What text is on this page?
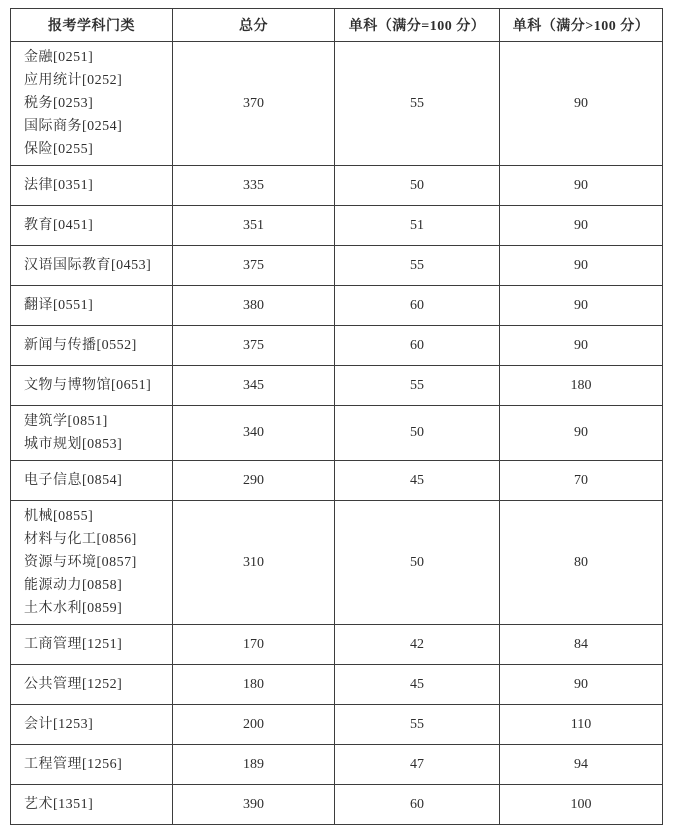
报考学科门类	总分	单科（满分=100 分）	单科（满分>100 分）

金融[0251]
应用统计[0252]
税务[0253]
国际商务[0254]
保险[0255]	370	55	90

法律[0351]	335	50	90

教育[0451]	351	51	90

汉语国际教育[0453]	375	55	90

翻译[0551]	380	60	90

新闻与传播[0552]	375	60	90

文物与博物馆[0651]	345	55	180

建筑学[0851]
城市规划[0853]	340	50	90

电子信息[0854]	290	45	70

机械[0855]
材料与化工[0856]
资源与环境[0857]
能源动力[0858]
土木水利[0859]	310	50	80

工商管理[1251]	170	42	84

公共管理[1252]	180	45	90

会计[1253]	200	55	110

工程管理[1256]	189	47	94

艺术[1351]	390	60	100
